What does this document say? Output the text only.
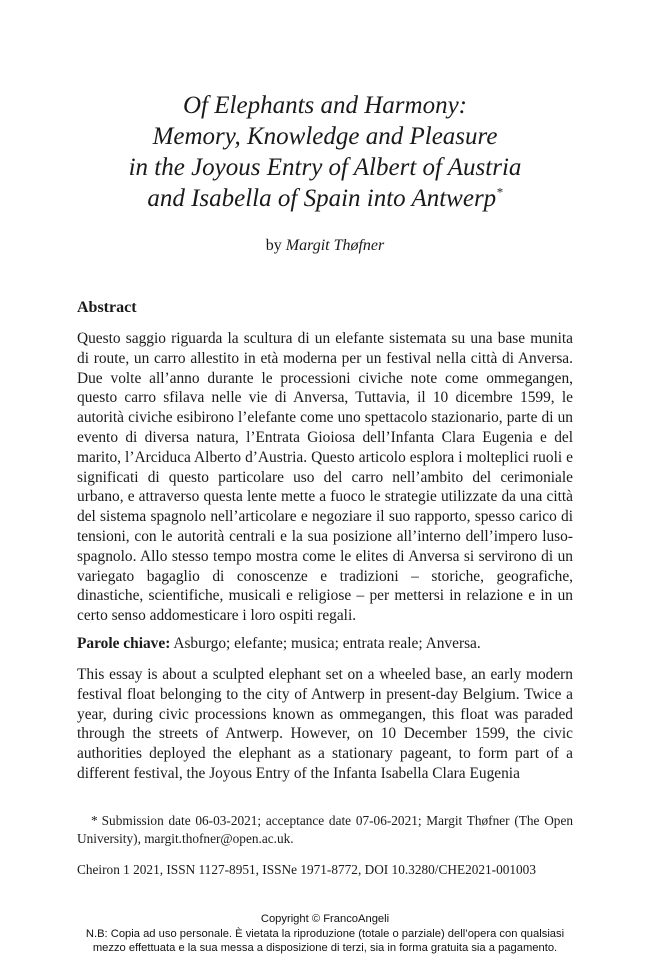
Of Elephants and Harmony:
Memory, Knowledge and Pleasure
in the Joyous Entry of Albert of Austria
and Isabella of Spain into Antwerp*

by Margit Thøfner

Abstract

Questo saggio riguarda la scultura di un elefante sistemata su una base munita di route, un carro allestito in età moderna per un festival nella città di Anversa. Due volte all’anno durante le processioni civiche note come ommegangen, questo carro sfilava nelle vie di Anversa, Tuttavia, il 10 dicembre 1599, le autorità civiche esibirono l’elefante come uno spettacolo stazionario, parte di un evento di diversa natura, l’Entrata Gioiosa dell’Infanta Clara Eugenia e del marito, l’Arciduca Alberto d’Austria. Questo articolo esplora i molteplici ruoli e significati di questo particolare uso del carro nell’ambito del cerimoniale urbano, e attraverso questa lente mette a fuoco le strategie utilizzate da una città del sistema spagnolo nell’articolare e negoziare il suo rapporto, spesso carico di tensioni, con le autorità centrali e la sua posizione all’interno dell’impero luso-spagnolo. Allo stesso tempo mostra come le elites di Anversa si servirono di un variegato bagaglio di conoscenze e tradizioni – storiche, geografiche, dinastiche, scientifiche, musicali e religiose – per mettersi in relazione e in un certo senso addomesticare i loro ospiti regali.

Parole chiave: Asburgo; elefante; musica; entrata reale; Anversa.

This essay is about a sculpted elephant set on a wheeled base, an early modern festival float belonging to the city of Antwerp in present-day Belgium. Twice a year, during civic processions known as ommegangen, this float was paraded through the streets of Antwerp. However, on 10 December 1599, the civic authorities deployed the elephant as a stationary pageant, to form part of a different festival, the Joyous Entry of the Infanta Isabella Clara Eugenia

* Submission date 06-03-2021; acceptance date 07-06-2021; Margit Thøfner (The Open University), margit.thofner@open.ac.uk.

Cheiron 1 2021, ISSN 1127-8951, ISSNe 1971-8772, DOI 10.3280/CHE2021-001003

Copyright © FrancoAngeli
N.B: Copia ad uso personale. È vietata la riproduzione (totale o parziale) dell’opera con qualsiasi
mezzo effettuata e la sua messa a disposizione di terzi, sia in forma gratuita sia a pagamento.
